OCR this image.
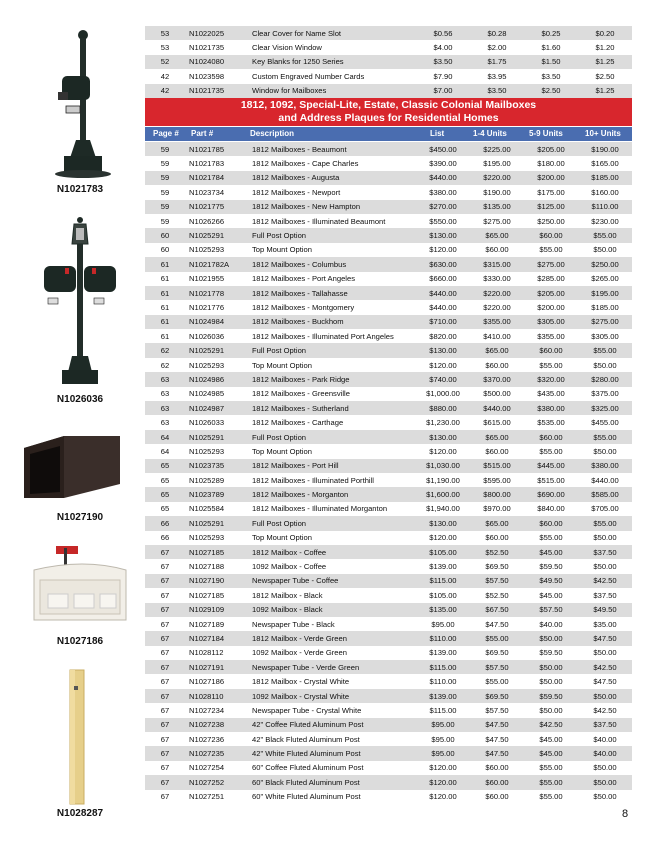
N1021783
N1026036
N1027190
N1027186
N1028287
53	N1022025	Clear Cover for Name Slot	$0.56	$0.28	$0.25	$0.20
53	N1021735	Clear Vision Window	$4.00	$2.00	$1.60	$1.20
52	N1024080	Key Blanks for 1250 Series	$3.50	$1.75	$1.50	$1.25
42	N1023598	Custom Engraved Number Cards	$7.90	$3.95	$3.50	$2.50
42	N1021735	Window for Mailboxes	$7.00	$3.50	$2.50	$1.25
1812, 1092, Special-Lite, Estate, Classic Colonial Mailboxes
and Address Plaques for Residential Homes
Page # Part #	Description	List	1-4 Units	5-9 Units	10+ Units
59	N1021785	1812 Mailboxes - Beaumont	$450.00	$225.00	$205.00	$190.00
59	N1021783	1812 Mailboxes - Cape Charles	$390.00	$195.00	$180.00	$165.00
59	N1021784	1812 Mailboxes - Augusta	$440.00	$220.00	$200.00	$185.00
59	N1023734	1812 Mailboxes - Newport	$380.00	$190.00	$175.00	$160.00
59	N1021775	1812 Mailboxes - New Hampton	$270.00	$135.00	$125.00	$110.00
59	N1026266	1812 Mailboxes - Illuminated Beaumont	$550.00	$275.00	$250.00	$230.00
60	N1025291	Full Post Option	$130.00	$65.00	$60.00	$55.00
60	N1025293	Top Mount Option	$120.00	$60.00	$55.00	$50.00
61	N1021782A	1812 Mailboxes - Columbus	$630.00	$315.00	$275.00	$250.00
61	N1021955	1812 Mailboxes - Port Angeles	$660.00	$330.00	$285.00	$265.00
61	N1021778	1812 Mailboxes - Tallahasse	$440.00	$220.00	$205.00	$195.00
61	N1021776	1812 Mailboxes - Montgomery	$440.00	$220.00	$200.00	$185.00
61	N1024984	1812 Mailboxes - Buckhom	$710.00	$355.00	$305.00	$275.00
61	N1026036	1812 Mailboxes - Illuminated Port Angeles	$820.00	$410.00	$355.00	$305.00
62	N1025291	Full Post Option	$130.00	$65.00	$60.00	$55.00
62	N1025293	Top Mount Option	$120.00	$60.00	$55.00	$50.00
63	N1024986	1812 Mailboxes - Park Ridge	$740.00	$370.00	$320.00	$280.00
63	N1024985	1812 Mailboxes - Greensville	$1,000.00	$500.00	$435.00	$375.00
63	N1024987	1812 Mailboxes - Sutherland	$880.00	$440.00	$380.00	$325.00
63	N1026033	1812 Mailboxes - Carthage	$1,230.00	$615.00	$535.00	$455.00
64	N1025291	Full Post Option	$130.00	$65.00	$60.00	$55.00
64	N1025293	Top Mount Option	$120.00	$60.00	$55.00	$50.00
65	N1023735	1812 Mailboxes - Port Hill	$1,030.00	$515.00	$445.00	$380.00
65	N1025289	1812 Mailboxes - Illuminated Porthill	$1,190.00	$595.00	$515.00	$440.00
65	N1023789	1812 Mailboxes - Morganton	$1,600.00	$800.00	$690.00	$585.00
65	N1025584	1812 Mailboxes - Illuminated Morganton	$1,940.00	$970.00	$840.00	$705.00
66	N1025291	Full Post Option	$130.00	$65.00	$60.00	$55.00
66	N1025293	Top Mount Option	$120.00	$60.00	$55.00	$50.00
67	N1027185	1812 Mailbox - Coffee	$105.00	$52.50	$45.00	$37.50
67	N1027188	1092 Mailbox - Coffee	$139.00	$69.50	$59.50	$50.00
67	N1027190	Newspaper Tube - Coffee	$115.00	$57.50	$49.50	$42.50
67	N1027185	1812 Mailbox - Black	$105.00	$52.50	$45.00	$37.50
67	N1029109	1092 Mailbox - Black	$135.00	$67.50	$57.50	$49.50
67	N1027189	Newspaper Tube - Black	$95.00	$47.50	$40.00	$35.00
67	N1027184	1812 Mailbox - Verde Green	$110.00	$55.00	$50.00	$47.50
67	N1028112	1092 Mailbox - Verde Green	$139.00	$69.50	$59.50	$50.00
67	N1027191	Newspaper Tube - Verde Green	$115.00	$57.50	$50.00	$42.50
67	N1027186	1812 Mailbox - Crystal White	$110.00	$55.00	$50.00	$47.50
67	N1028110	1092 Mailbox - Crystal White	$139.00	$69.50	$59.50	$50.00
67	N1027234	Newspaper Tube - Crystal White	$115.00	$57.50	$50.00	$42.50
67	N1027238	42" Coffee Fluted Aluminum Post	$95.00	$47.50	$42.50	$37.50
67	N1027236	42" Black Fluted Aluminum Post	$95.00	$47.50	$45.00	$40.00
67	N1027235	42" White Fluted Aluminum Post	$95.00	$47.50	$45.00	$40.00
67	N1027254	60" Coffee Fluted Aluminum Post	$120.00	$60.00	$55.00	$50.00
67	N1027252	60" Black Fluted Aluminum Post	$120.00	$60.00	$55.00	$50.00
67	N1027251	60" White Fluted Aluminum Post	$120.00	$60.00	$55.00	$50.00
8
